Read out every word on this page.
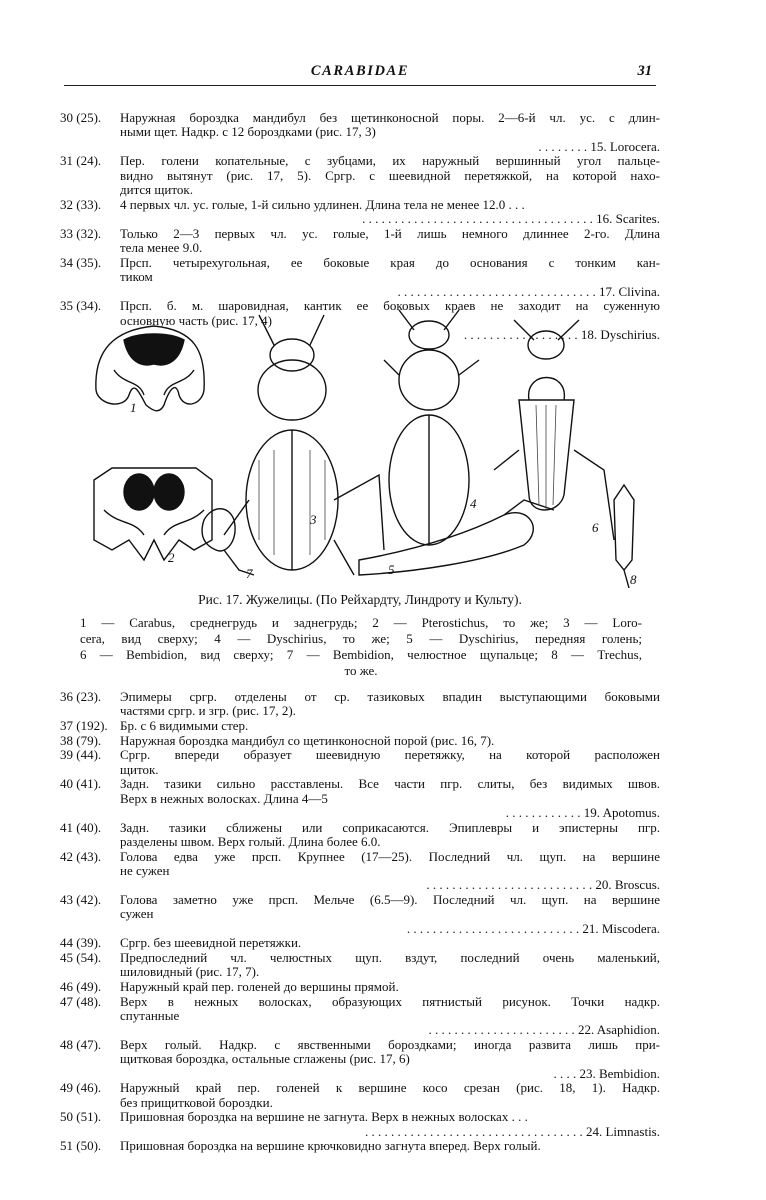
CARABIDAE	31
30 (25).	Наружная бороздка мандибул без щетинконосной поры. 2—6-й чл. ус. с длин-
ными щет. Надкр. с 12 бороздками (рис. 17, 3)
. . . . . . . . 15. Lorocera.
31 (24).	Пер. голени копательные, с зубцами, их наружный вершинный угол пальце-
видно вытянут (рис. 17, 5). Сргр. с шеевидной перетяжкой, на которой нахо-
дится щиток.
32 (33).	4 первых чл. ус. голые, 1-й сильно удлинен. Длина тела не менее 12.0 . . .
. . . . . . . . . . . . . . . . . . . . . . . . . . . . . . . . . . . . 16. Scarites.
33 (32).	Только 2—3 первых чл. ус. голые, 1-й лишь немного длиннее 2-го. Длина
тела менее 9.0.
34 (35).	Прсп. четырехугольная, ее боковые края до основания с тонким кан-
тиком
. . . . . . . . . . . . . . . . . . . . . . . . . . . . . . . 17. Clivina.
35 (34).	Прсп. б. м. шаровидная, кантик ее боковых краев не заходит на суженную
основную часть (рис. 17, 4)
. . . . . . . . . . . . . . . . . . 18. Dyschirius.
1
2
3
4
5
6
7	8
Рис. 17. Жужелицы. (По Рейхардту, Линдроту и Культу).
1 — Carabus, среднегрудь и заднегрудь; 2 — Pterostichus, то же; 3 — Loro-
cera, вид сверху; 4 — Dyschirius, то же; 5 — Dyschirius, передняя голень;
6 — Bembidion, вид сверху; 7 — Bembidion, челюстное щупальце; 8 — Trechus,
то же.
36 (23).	Эпимеры сргр. отделены от ср. тазиковых впадин выступающими боковыми
частями сргр. и згр. (рис. 17, 2).
37 (192). Бр. с 6 видимыми стер.
38 (79).	Наружная бороздка мандибул со щетинконосной порой (рис. 16, 7).
39 (44).	Сргр. впереди образует шеевидную перетяжку, на которой расположен
щиток.
40 (41).	Задн. тазики сильно расставлены. Все части пгр. слиты, без видимых швов.
Верх в нежных волосках. Длина 4—5
. . . . . . . . . . . . 19. Apotomus.
41 (40).	Задн. тазики сближены или соприкасаются. Эпиплевры и эпистерны пгр.
разделены швом. Верх голый. Длина более 6.0.
42 (43).	Голова едва уже прсп. Крупнее (17—25). Последний чл. щуп. на вершине
не сужен
. . . . . . . . . . . . . . . . . . . . . . . . . . 20. Broscus.
43 (42).	Голова заметно уже прсп. Мельче (6.5—9). Последний чл. щуп. на вершине
сужен
. . . . . . . . . . . . . . . . . . . . . . . . . . . 21. Miscodera.
44 (39).	Сргр. без шеевидной перетяжки.
45 (54).	Предпоследний чл. челюстных щуп. вздут, последний очень маленький,
шиловидный (рис. 17, 7).
46 (49).	Наружный край пер. голеней до вершины прямой.
47 (48).	Верх в нежных волосках, образующих пятнистый рисунок. Точки надкр.
спутанные
. . . . . . . . . . . . . . . . . . . . . . . 22. Asaphidion.
48 (47).	Верх голый. Надкр. с явственными бороздками; иногда развита лишь при-
щитковая бороздка, остальные сглажены (рис. 17, 6)
. . . . 23. Bembidion.
49 (46).	Наружный край пер. голеней к вершине косо срезан (рис. 18, 1). Надкр.
без прищитковой бороздки.
50 (51).	Пришовная бороздка на вершине не загнута. Верх в нежных волосках . . .
. . . . . . . . . . . . . . . . . . . . . . . . . . . . . . . . . . 24. Limnastis.
51 (50).	Пришовная бороздка на вершине крючковидно загнута вперед. Верх голый.
